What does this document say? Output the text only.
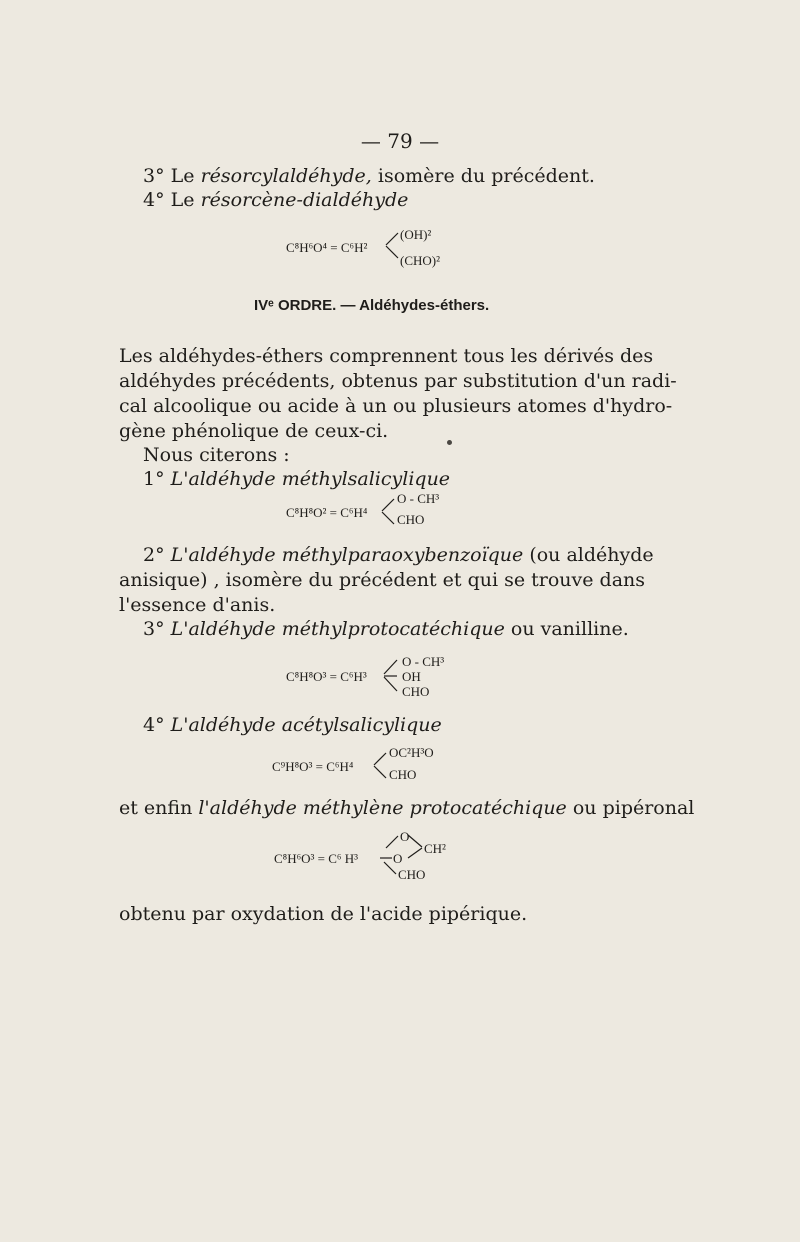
— 79 —
3° Le résorcylaldéhyde, isomère du précédent.
4° Le résorcène-dialdéhyde
C⁸H⁶O⁴ = C⁶H²
(OH)²
(CHO)²
IVᵉ ORDRE. — Aldéhydes-éthers.
Les aldéhydes-éthers comprennent tous les dérivés des
aldéhydes précédents, obtenus par substitution d'un radi-
cal alcoolique ou acide à un ou plusieurs atomes d'hydro-
gène phénolique de ceux-ci.
Nous citerons :
1° L'aldéhyde méthylsalicylique
C⁸H⁸O² = C⁶H⁴
O - CH³
CHO
2° L'aldéhyde méthylparaoxybenzoïque (ou aldéhyde
anisique) , isomère du précédent et qui se trouve dans
l'essence d'anis.
3° L'aldéhyde méthylprotocatéchique ou vanilline.
C⁸H⁸O³ = C⁶H³
O - CH³
OH
CHO
4° L'aldéhyde acétylsalicylique
C⁹H⁸O³ = C⁶H⁴
OC²H³O
CHO
et enfin l'aldéhyde méthylène protocatéchique ou pipéronal
C⁸H⁶O³ = C⁶ H³
O
O
CH²
CHO
obtenu par oxydation de l'acide pipérique.
